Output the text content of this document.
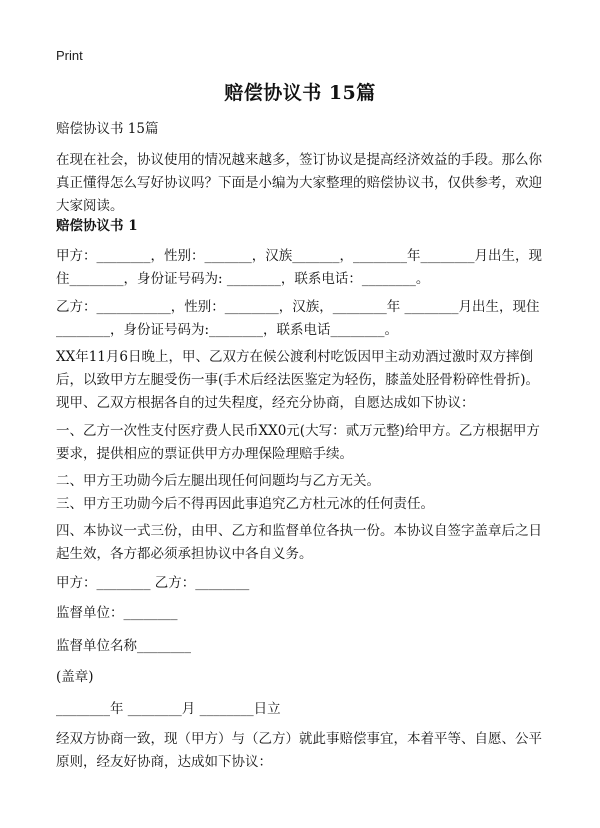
Print
赔偿协议书 15篇
赔偿协议书 15篇

在现在社会，协议使用的情况越来越多，签订协议是提高经济效益的手段。那么你真正懂得怎么写好协议吗？下面是小编为大家整理的赔偿协议书，仅供参考，欢迎大家阅读。

赔偿协议书 1

甲方：________，性别：_______，汉族_______，________年________月出生，现住________，身份证号码为: ________，联系电话：________。

乙方：___________，性别：________，汉族，________年 ________月出生，现住________，身份证号码为:________，联系电话________。

XX年11月6日晚上，甲、乙双方在候公渡利村吃饭因甲主动劝酒过激时双方摔倒后，以致甲方左腿受伤一事(手术后经法医鉴定为轻伤，膝盖处胫骨粉碎性骨折)。现甲、乙双方根据各自的过失程度，经充分协商，自愿达成如下协议：

一、乙方一次性支付医疗费人民币XX0元(大写：贰万元整)给甲方。乙方根据甲方要求，提供相应的票证供甲方办理保险理赔手续。

二、甲方王功勋今后左腿出现任何问题均与乙方无关。

三、甲方王功勋今后不得再因此事追究乙方杜元冰的任何责任。

四、本协议一式三份，由甲、乙方和监督单位各执一份。本协议自签字盖章后之日起生效，各方都必须承担协议中各自义务。

甲方：________ 乙方：________

监督单位：________

监督单位名称________

(盖章)

________年 ________月 ________日立

经双方协商一致，现（甲方）与（乙方）就此事赔偿事宜，本着平等、自愿、公平原则，经友好协商，达成如下协议：
